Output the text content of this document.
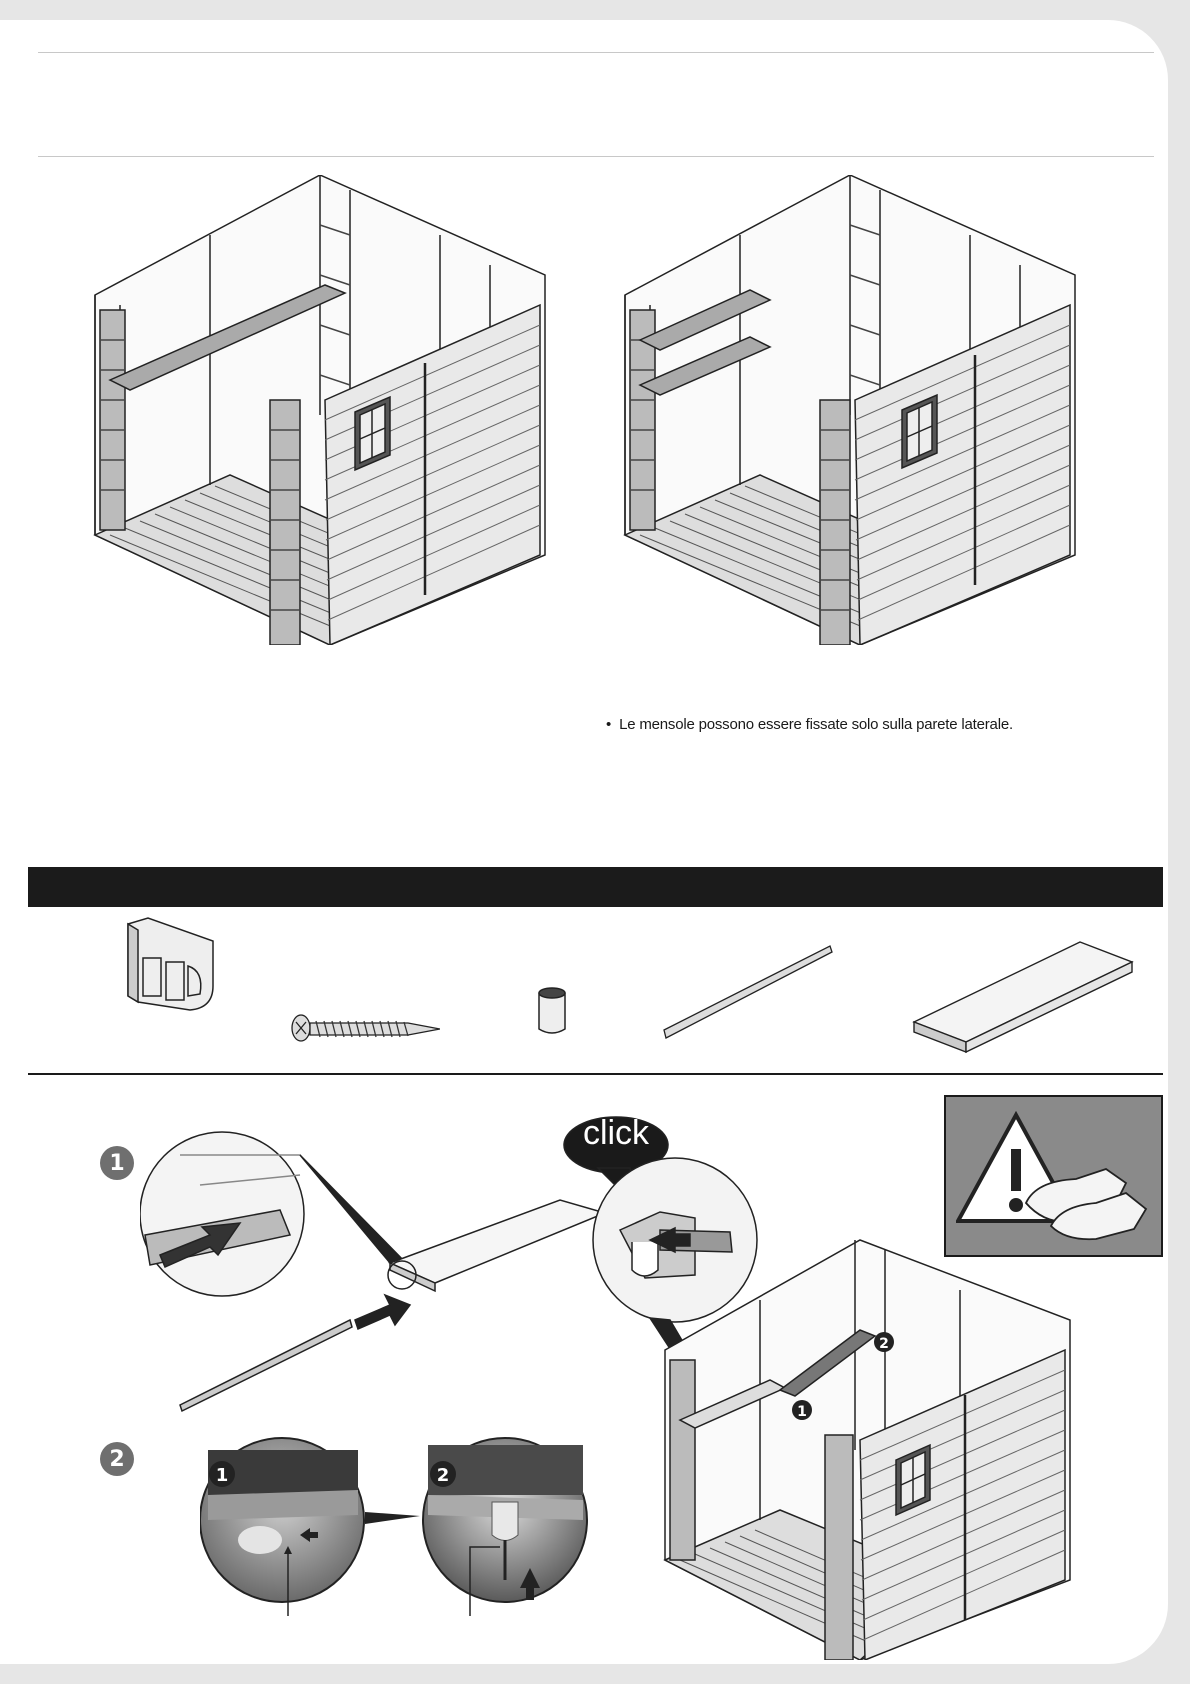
• Le mensole possono essere fissate solo sulla parete laterale.
1
click
1
2
2
1	2
